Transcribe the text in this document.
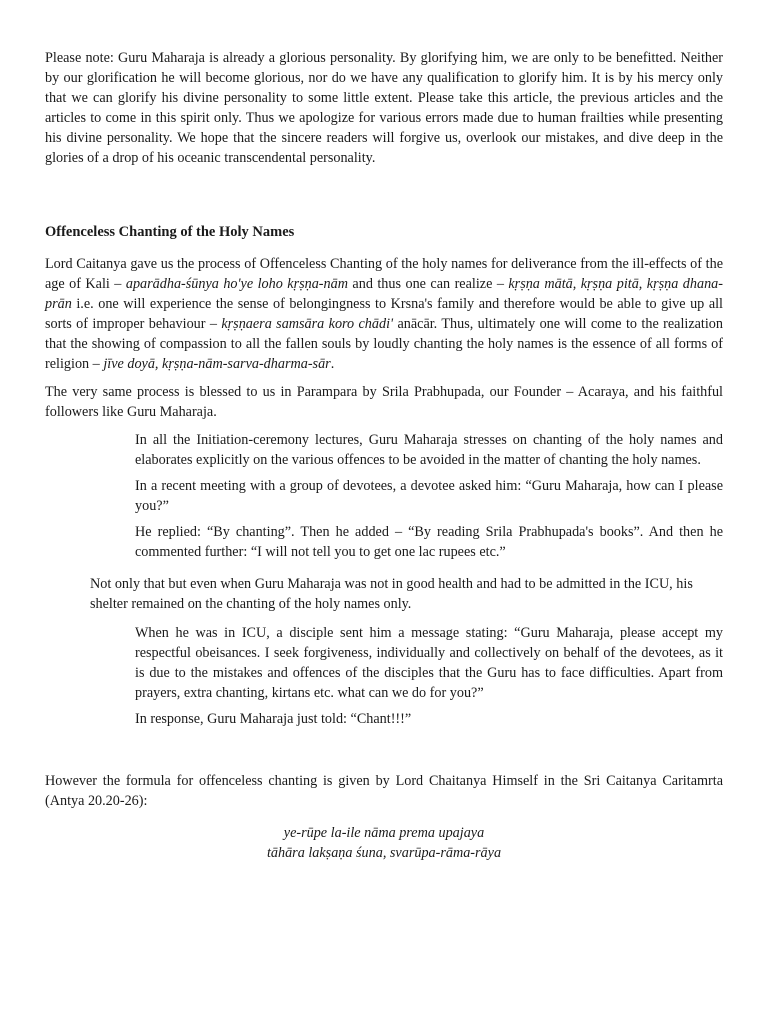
Please note: Guru Maharaja is already a glorious personality. By glorifying him, we are only to be benefitted. Neither by our glorification he will become glorious, nor do we have any qualification to glorify him. It is by his mercy only that we can glorify his divine personality to some little extent. Please take this article, the previous articles and the articles to come in this spirit only. Thus we apologize for various errors made due to human frailties while presenting his divine personality. We hope that the sincere readers will forgive us, overlook our mistakes, and dive deep in the glories of a drop of his oceanic transcendental personality.

Offenceless Chanting of the Holy Names

Lord Caitanya gave us the process of Offenceless Chanting of the holy names for deliverance from the ill-effects of the age of Kali – aparādha-śūnya ho'ye loho kṛṣṇa-nām and thus one can realize – kṛṣṇa mātā, kṛṣṇa pitā, kṛṣṇa dhana-prān i.e. one will experience the sense of belongingness to Krsna's family and therefore would be able to give up all sorts of improper behaviour – kṛṣṇaera samsāra koro chādi' anācār. Thus, ultimately one will come to the realization that the showing of compassion to all the fallen souls by loudly chanting the holy names is the essence of all forms of religion – jīve doyā, kṛṣṇa-nām-sarva-dharma-sār.

The very same process is blessed to us in Parampara by Srila Prabhupada, our Founder – Acaraya, and his faithful followers like Guru Maharaja.

In all the Initiation-ceremony lectures, Guru Maharaja stresses on chanting of the holy names and elaborates explicitly on the various offences to be avoided in the matter of chanting the holy names.

In a recent meeting with a group of devotees, a devotee asked him: “Guru Maharaja, how can I please you?”

He replied: “By chanting”. Then he added – “By reading Srila Prabhupada's books”. And then he commented further: “I will not tell you to get one lac rupees etc.”

Not only that but even when Guru Maharaja was not in good health and had to be admitted in the ICU, his shelter remained on the chanting of the holy names only.

When he was in ICU, a disciple sent him a message stating: “Guru Maharaja, please accept my respectful obeisances. I seek forgiveness, individually and collectively on behalf of the devotees, as it is due to the mistakes and offences of the disciples that the Guru has to face difficulties. Apart from prayers, extra chanting, kirtans etc. what can we do for you?”

In response, Guru Maharaja just told: “Chant!!!”

However the formula for offenceless chanting is given by Lord Chaitanya Himself in the Sri Caitanya Caritamrta (Antya 20.20-26):

ye-rūpe la-ile nāma prema upajaya
tāhāra lakṣaṇa śuna, svarūpa-rāma-rāya
